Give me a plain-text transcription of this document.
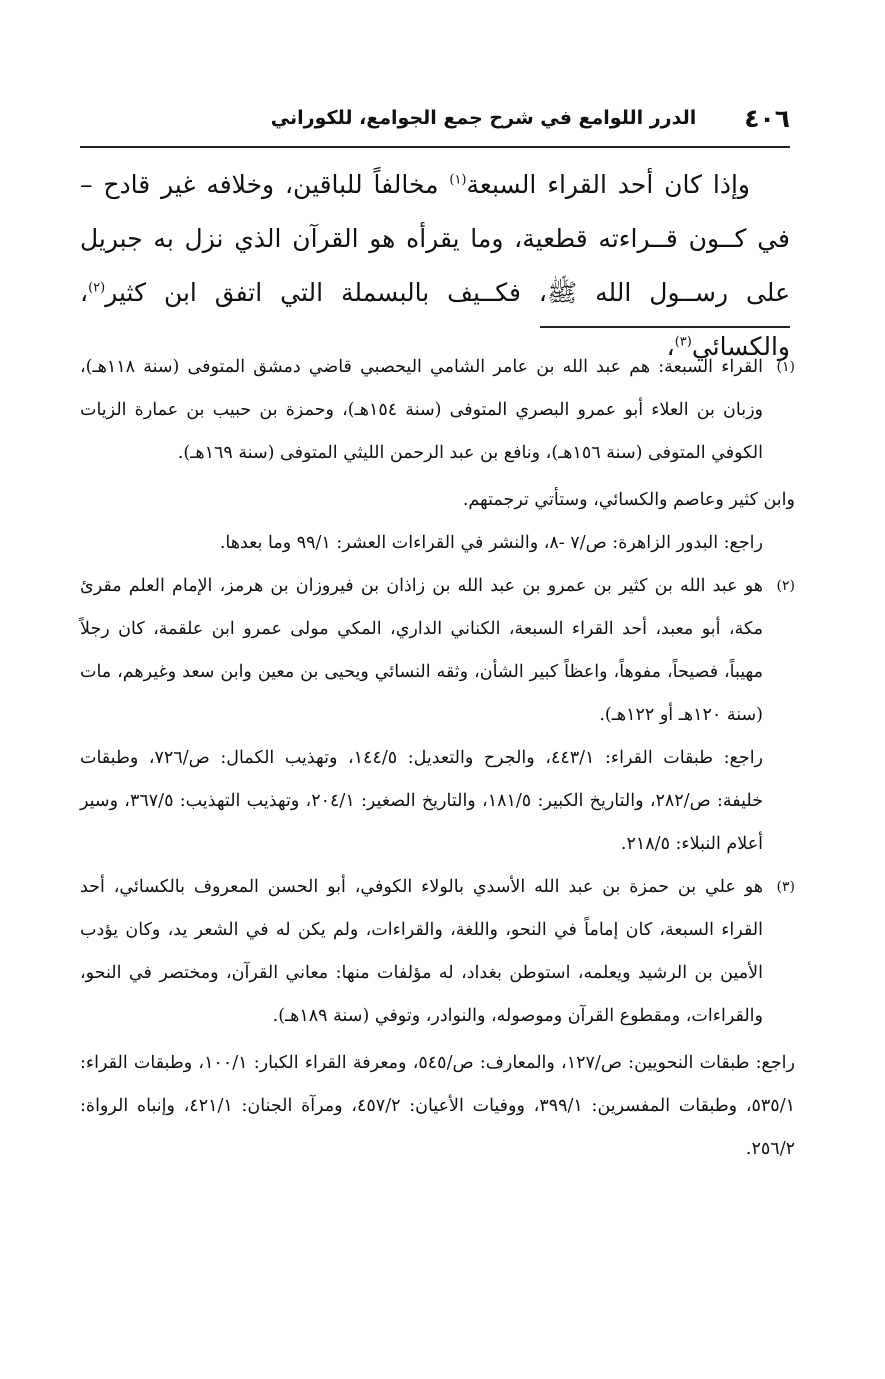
٤٠٦
الدرر اللوامع في شرح جمع الجوامع، للكوراني

وإذا كان أحد القراء السبعة$^{(١)}$ مخالفاً للباقين، وخلافه غير قادح – في كــون قــراءته قطعية، وما يقرأه هو القرآن الذي نزل به جبريل على رســول الله ﷺ، فكــيف بالبسملة التي اتفق ابن كثير$^{(٢)}$، والكسائي$^{(٣)}$،

(١)

القراء السبعة: هم عبد الله بن عامر الشامي اليحصبي قاضي دمشق المتوفى (سنة ١١٨هـ)، وزبان بن العلاء أبو عمرو البصري المتوفى (سنة ١٥٤هـ)، وحمزة بن حبيب بن عمارة الزيات الكوفي المتوفى (سنة ١٥٦هـ)، ونافع بن عبد الرحمن الليثي المتوفى (سنة ١٦٩هـ).

وابن كثير وعاصم والكسائي، وستأتي ترجمتهم.

راجع: البدور الزاهرة: ص/٧ -٨، والنشر في القراءات العشر: ٩٩/١ وما بعدها.

(٢)

هو عبد الله بن كثير بن عمرو بن عبد الله بن زاذان بن فيروزان بن هرمز، الإمام العلم مقرئ مكة، أبو معبد، أحد القراء السبعة، الكناني الداري، المكي مولى عمرو ابن علقمة، كان رجلاً مهيباً، فصيحاً، مفوهاً، واعظاً كبير الشأن، وثقه النسائي ويحيى بن معين وابن سعد وغيرهم، مات (سنة ١٢٠هـ أو ١٢٢هـ).

راجع: طبقات القراء: ٤٤٣/١، والجرح والتعديل: ١٤٤/٥، وتهذيب الكمال: ص/٧٢٦، وطبقات خليفة: ص/٢٨٢، والتاريخ الكبير: ١٨١/٥، والتاريخ الصغير: ٢٠٤/١، وتهذيب التهذيب: ٣٦٧/٥، وسير أعلام النبلاء: ٢١٨/٥.

(٣)

هو علي بن حمزة بن عبد الله الأسدي بالولاء الكوفي، أبو الحسن المعروف بالكسائي، أحد القراء السبعة، كان إماماً في النحو، واللغة، والقراءات، ولم يكن له في الشعر يد، وكان يؤدب الأمين بن الرشيد ويعلمه، استوطن بغداد، له مؤلفات منها: معاني القرآن، ومختصر في النحو، والقراءات، ومقطوع القرآن وموصوله، والنوادر، وتوفي (سنة ١٨٩هـ).

راجع: طبقات النحويين: ص/١٢٧، والمعارف: ص/٥٤٥، ومعرفة القراء الكبار: ١٠٠/١، وطبقات القراء: ٥٣٥/١، وطبقات المفسرين: ٣٩٩/١، ووفيات الأعيان: ٤٥٧/٢، ومرآة الجنان: ٤٢١/١، وإنباه الرواة: ٢٥٦/٢.
